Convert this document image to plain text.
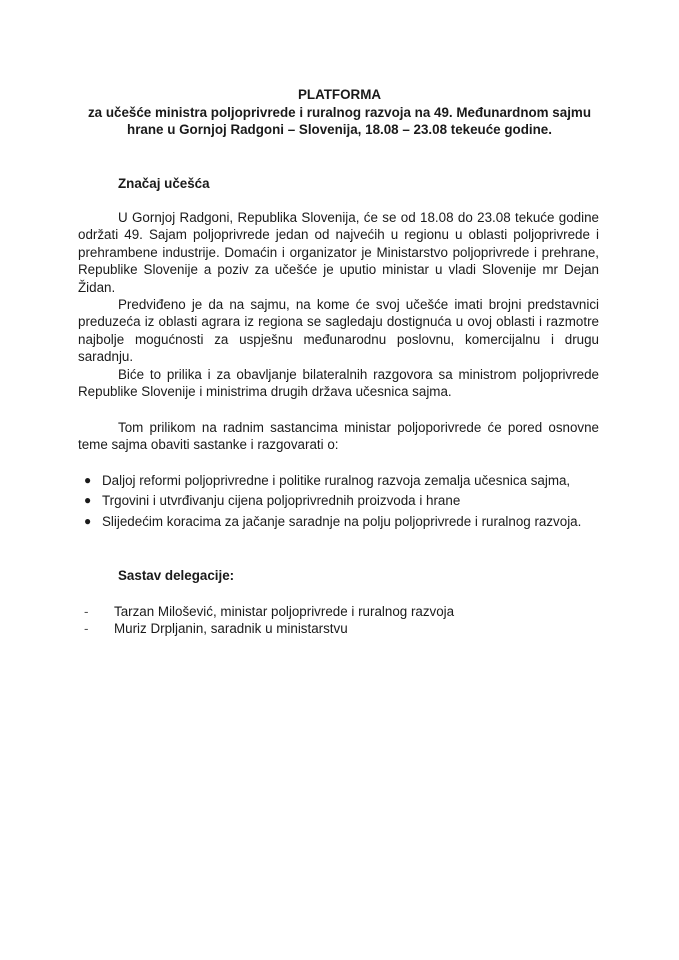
PLATFORMA
za učešće ministra poljoprivrede i ruralnog razvoja na 49. Međunardnom sajmu
hrane u Gornjoj Radgoni – Slovenija, 18.08 – 23.08 tekeuće godine.
Značaj učešća

U Gornjoj Radgoni, Republika Slovenija, će se od 18.08 do 23.08 tekuće godine održati 49. Sajam poljoprivrede jedan od najvećih u regionu u oblasti poljoprivrede i prehrambene industrije. Domaćin i organizator je Ministarstvo poljoprivrede i prehrane, Republike Slovenije a poziv za učešće je uputio ministar u vladi Slovenije mr Dejan Židan.

Predviđeno je da na sajmu, na kome će svoj učešće imati brojni predstavnici preduzeća iz oblasti agrara iz regiona se sagledaju dostignuća u ovoj oblasti i razmotre najbolje mogućnosti za uspješnu međunarodnu poslovnu, komercijalnu i drugu saradnju.

Biće to prilika i za obavljanje bilateralnih razgovora sa ministrom poljoprivrede Republike Slovenije i ministrima drugih država učesnica sajma.

Tom prilikom na radnim sastancima ministar poljoporivrede će pored osnovne teme sajma obaviti sastanke i razgovarati o:

● Daljoj reformi poljoprivredne i politike ruralnog razvoja zemalja učesnica sajma,
● Trgovini i utvrđivanju cijena poljoprivrednih proizvoda i hrane
● Slijedećim koracima za jačanje saradnje na polju poljoprivrede i ruralnog razvoja.
Sastav delegacije:
- Tarzan Milošević, ministar poljoprivrede i ruralnog razvoja
- Muriz Drpljanin, saradnik u ministarstvu
